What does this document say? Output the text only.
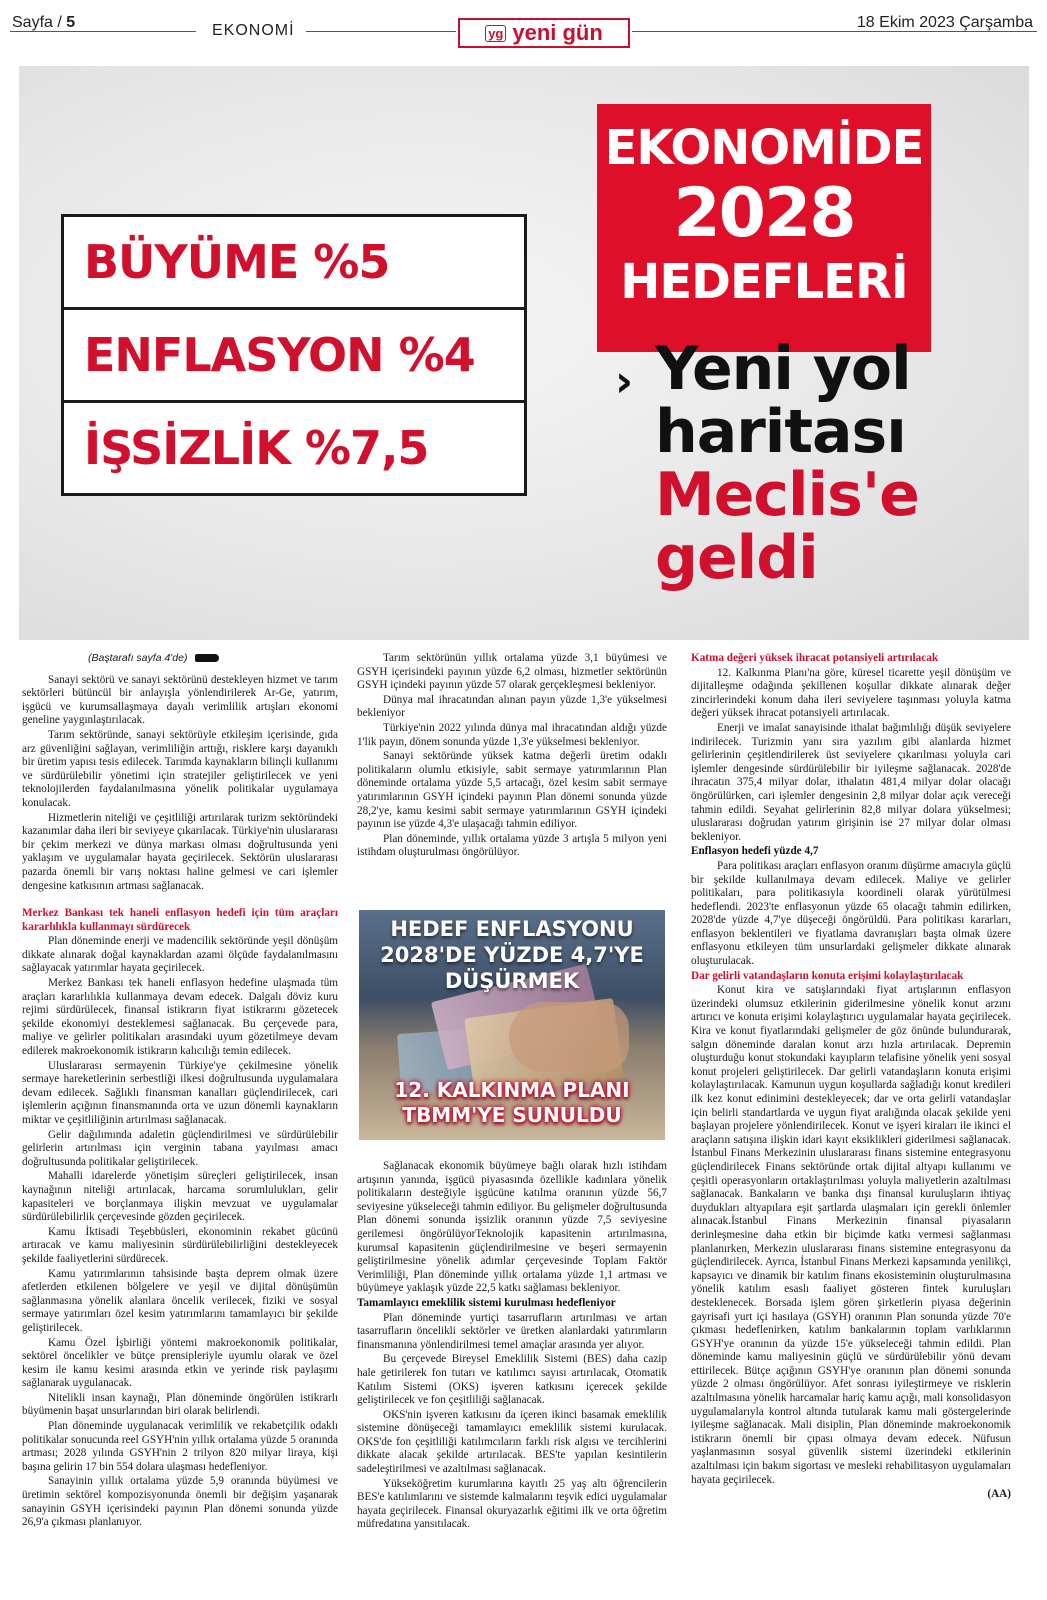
Sayfa / 5	EKONOMİ	yg yeni gün	18 Ekim 2023 Çarşamba
BÜYÜME %5
ENFLASYON %4
İŞSİZLİK %7,5
EKONOMİDE
2028
HEDEFLERİ
› Yeni yol
haritası
Meclis'e
geldi

(Baştarafı sayfa 4'de)

Sanayi sektörü ve sanayi sektörünü destekleyen hizmet ve tarım sektörleri bütüncül bir anlayışla yönlendirilerek Ar-Ge, yatırım, işgücü ve kurumsallaşmaya dayalı verimlilik artışları ekonomi geneline yaygınlaştırılacak.

Tarım sektöründe, sanayi sektörüyle etkileşim içerisinde, gıda arz güvenliğini sağlayan, verimliliğin arttığı, risklere karşı dayanıklı bir üretim yapısı tesis edilecek. Tarımda kaynakların bilinçli kullanımı ve sürdürülebilir yönetimi için stratejiler geliştirilecek ve yeni teknolojilerden faydalanılmasına yönelik politikalar uygulamaya konulacak.

Hizmetlerin niteliği ve çeşitliliği artırılarak turizm sektöründeki kazanımlar daha ileri bir seviyeye çıkarılacak. Türkiye'nin uluslararası bir çekim merkezi ve dünya markası olması doğrultusunda yeni yaklaşım ve uygulamalar hayata geçirilecek. Sektörün uluslararası pazarda önemli bir varış noktası haline gelmesi ve cari işlemler dengesine katkısının artması sağlanacak.

Merkez Bankası tek haneli enflasyon hedefi için tüm araçları kararlılıkla kullanmayı sürdürecek

Plan döneminde enerji ve madencilik sektöründe yeşil dönüşüm dikkate alınarak doğal kaynaklardan azami ölçüde faydalanılmasını sağlayacak yatırımlar hayata geçirilecek.

Merkez Bankası tek haneli enflasyon hedefine ulaşmada tüm araçları kararlılıkla kullanmaya devam edecek. Dalgalı döviz kuru rejimi sürdürülecek, finansal istikrarın fiyat istikrarını gözetecek şekilde ekonomiyi desteklemesi sağlanacak. Bu çerçevede para, maliye ve gelirler politikaları arasındaki uyum gözetilmeye devam edilerek makroekonomik istikrarın kalıcılığı temin edilecek.

Uluslararası sermayenin Türkiye'ye çekilmesine yönelik sermaye hareketlerinin serbestliği ilkesi doğrultusunda uygulamalara devam edilecek. Sağlıklı finansman kanalları güçlendirilecek, cari işlemlerin açığının finansmanında orta ve uzun dönemli kaynakların miktar ve çeşitliliğinin artırılması sağlanacak.

Gelir dağılımında adaletin güçlendirilmesi ve sürdürülebilir gelirlerin artırılması için verginin tabana yayılması amacı doğrultusunda politikalar geliştirilecek.

Mahalli idarelerde yönetişim süreçleri geliştirilecek, insan kaynağının niteliği artırılacak, harcama sorumlulukları, gelir kapasiteleri ve borçlanmaya ilişkin mevzuat ve uygulamalar sürdürülebilirlik çerçevesinde gözden geçirilecek.

Kamu İktisadi Teşebbüsleri, ekonominin rekabet gücünü artıracak ve kamu maliyesinin sürdürülebilirliğini destekleyecek şekilde faaliyetlerini sürdürecek.

Kamu yatırımlarının tahsisinde başta deprem olmak üzere afetlerden etkilenen bölgelere ve yeşil ve dijital dönüşümün sağlanmasına yönelik alanlara öncelik verilecek, fiziki ve sosyal sermaye yatırımları özel kesim yatırımlarını tamamlayıcı bir şekilde geliştirilecek.

Kamu Özel İşbirliği yöntemi makroekonomik politikalar, sektörel öncelikler ve bütçe prensipleriyle uyumlu olarak ve özel kesim ile kamu kesimi arasında etkin ve yerinde risk paylaşımı sağlanarak uygulanacak.

Nitelikli insan kaynağı, Plan döneminde öngörülen istikrarlı büyümenin başat unsurlarından biri olarak belirlendi.

Plan döneminde uygulanacak verimlilik ve rekabetçilik odaklı politikalar sonucunda reel GSYH'nin yıllık ortalama yüzde 5 oranında artması; 2028 yılında GSYH'nin 2 trilyon 820 milyar liraya, kişi başına gelirin 17 bin 554 dolara ulaşması hedefleniyor.

Sanayinin yıllık ortalama yüzde 5,9 oranında büyümesi ve üretimin sektörel kompozisyonunda önemli bir değişim yaşanarak sanayinin GSYH içerisindeki payının Plan dönemi sonunda yüzde 26,9'a çıkması planlanıyor.

Tarım sektörünün yıllık ortalama yüzde 3,1 büyümesi ve GSYH içerisindeki payının yüzde 6,2 olması, hizmetler sektörünün GSYH içindeki payının yüzde 57 olarak gerçekleşmesi bekleniyor.

Dünya mal ihracatından alınan payın yüzde 1,3'e yükselmesi bekleniyor

Türkiye'nin 2022 yılında dünya mal ihracatından aldığı yüzde 1'lik payın, dönem sonunda yüzde 1,3'e yükselmesi bekleniyor.

Sanayi sektöründe yüksek katma değerli üretim odaklı politikaların olumlu etkisiyle, sabit sermaye yatırımlarının Plan döneminde ortalama yüzde 5,5 artacağı, özel kesim sabit sermaye yatırımlarının GSYH içindeki payının Plan dönemi sonunda yüzde 28,2'ye, kamu kesimi sabit sermaye yatırımlarının GSYH içindeki payının ise yüzde 4,3'e ulaşacağı tahmin ediliyor.

Plan döneminde, yıllık ortalama yüzde 3 artışla 5 milyon yeni istihdam oluşturulması öngörülüyor.

HEDEF ENFLASYONU 2028'DE YÜZDE 4,7'YE DÜŞÜRMEK
12. KALKINMA PLANI TBMM'YE SUNULDU

Sağlanacak ekonomik büyümeye bağlı olarak hızlı istihdam artışının yanında, işgücü piyasasında özellikle kadınlara yönelik politikaların desteğiyle işgücüne katılma oranının yüzde 56,7 seviyesine yükseleceği tahmin ediliyor. Bu gelişmeler doğrultusunda Plan dönemi sonunda işsizlik oranının yüzde 7,5 seviyesine gerilemesi öngörülüyorTeknolojik kapasitenin artırılmasına, kurumsal kapasitenin güçlendirilmesine ve beşeri sermayenin geliştirilmesine yönelik adımlar çerçevesinde Toplam Faktör Verimliliği, Plan döneminde yıllık ortalama yüzde 1,1 artması ve büyümeye yaklaşık yüzde 22,5 katkı sağlaması bekleniyor.

Tamamlayıcı emeklilik sistemi kurulması hedefleniyor

Plan döneminde yurtiçi tasarrufların artırılması ve artan tasarrufların öncelikli sektörler ve üretken alanlardaki yatırımların finansmanına yönlendirilmesi temel amaçlar arasında yer alıyor.

Bu çerçevede Bireysel Emeklilik Sistemi (BES) daha cazip hale getirilerek fon tutarı ve katılımcı sayısı artırılacak, Otomatik Katılım Sistemi (OKS) işveren katkısını içerecek şekilde geliştirilecek ve fon çeşitliliği sağlanacak.

OKS'nin işveren katkısını da içeren ikinci basamak emeklilik sistemine dönüşeceği tamamlayıcı emeklilik sistemi kurulacak. OKS'de fon çeşitliliği katılımcıların farklı risk algısı ve tercihlerini dikkate alacak şekilde artırılacak. BES'te yapılan kesintilerin sadeleştirilmesi ve azaltılması sağlanacak.

Yükseköğretim kurumlarına kayıtlı 25 yaş altı öğrencilerin BES'e katılımlarını ve sistemde kalmalarını teşvik edici uygulamalar hayata geçirilecek. Finansal okuryazarlık eğitimi ilk ve orta öğretim müfredatına yansıtılacak.

Katma değeri yüksek ihracat potansiyeli artırılacak

12. Kalkınma Planı'na göre, küresel ticarette yeşil dönüşüm ve dijitalleşme odağında şekillenen koşullar dikkate alınarak değer zincirlerindeki konum daha ileri seviyelere taşınması yoluyla katma değeri yüksek ihracat potansiyeli artırılacak.

Enerji ve imalat sanayisinde ithalat bağımlılığı düşük seviyelere indirilecek. Turizmin yanı sıra yazılım gibi alanlarda hizmet gelirlerinin çeşitlendirilerek üst seviyelere çıkarılması yoluyla cari işlemler dengesinde sürdürülebilir bir iyileşme sağlanacak. 2028'de ihracatın 375,4 milyar dolar, ithalatın 481,4 milyar dolar olacağı öngörülürken, cari işlemler dengesinin 2,8 milyar dolar açık vereceği tahmin edildi. Seyahat gelirlerinin 82,8 milyar dolara yükselmesi; uluslararası doğrudan yatırım girişinin ise 27 milyar dolar olması bekleniyor.

Enflasyon hedefi yüzde 4,7

Para politikası araçları enflasyon oranını düşürme amacıyla güçlü bir şekilde kullanılmaya devam edilecek. Maliye ve gelirler politikaları, para politikasıyla koordineli olarak yürütülmesi hedeflendi. 2023'te enflasyonun yüzde 65 olacağı tahmin edilirken, 2028'de yüzde 4,7'ye düşeceği öngörüldü. Para politikası kararları, enflasyon beklentileri ve fiyatlama davranışları başta olmak üzere enflasyonu etkileyen tüm unsurlardaki gelişmeler dikkate alınarak oluşturulacak.

Dar gelirli vatandaşların konuta erişimi kolaylaştırılacak

Konut kira ve satışlarındaki fiyat artışlarının enflasyon üzerindeki olumsuz etkilerinin giderilmesine yönelik konut arzını artırıcı ve konuta erişimi kolaylaştırıcı uygulamalar hayata geçirilecek. Kira ve konut fiyatlarındaki gelişmeler de göz önünde bulundurarak, salgın döneminde daralan konut arzı hızla artırılacak. Depremin oluşturduğu konut stokundaki kayıpların telafisine yönelik yeni sosyal konut projeleri geliştirilecek. Dar gelirli vatandaşların konuta erişimi kolaylaştırılacak. Kamunun uygun koşullarda sağladığı konut kredileri ilk kez konut edinimini destekleyecek; dar ve orta gelirli vatandaşlar için belirli standartlarda ve uygun fiyat aralığında olacak şekilde yeni başlayan projelere yönlendirilecek. Konut ve işyeri kiraları ile ikinci el araçların satışına ilişkin idari kayıt eksiklikleri giderilmesi sağlanacak. İstanbul Finans Merkezinin uluslararası finans sistemine entegrasyonu güçlendirilecek Finans sektöründe ortak dijital altyapı kullanımı ve çeşitli operasyonların ortaklaştırılması yoluyla maliyetlerin azaltılması sağlanacak. Bankaların ve banka dışı finansal kuruluşların ihtiyaç duydukları altyapılara eşit şartlarda ulaşmaları için gerekli önlemler alınacak.İstanbul Finans Merkezinin finansal piyasaların derinleşmesine daha etkin bir biçimde katkı vermesi sağlanması planlanırken, Merkezin uluslararası finans sistemine entegrasyonu da güçlendirilecek. Ayrıca, İstanbul Finans Merkezi kapsamında yenilikçi, kapsayıcı ve dinamik bir katılım finans ekosisteminin oluşturulmasına yönelik katılım esaslı faaliyet gösteren fintek kuruluşları desteklenecek. Borsada işlem gören şirketlerin piyasa değerinin gayrisafi yurt içi hasılaya (GSYH) oranının Plan sonunda yüzde 70'e çıkması hedeflenirken, katılım bankalarının toplam varlıklarının GSYH'ye oranının da yüzde 15'e yükseleceği tahmin edildi. Plan döneminde kamu maliyesinin güçlü ve sürdürülebilir yönü devam ettirilecek. Bütçe açığının GSYH'ye oranının plan dönemi sonunda yüzde 2 olması öngörülüyor. Afet sonrası iyileştirmeye ve risklerin azaltılmasına yönelik harcamalar hariç kamu açığı, mali konsolidasyon uygulamalarıyla kontrol altında tutularak kamu mali göstergelerinde iyileşme sağlanacak. Mali disiplin, Plan döneminde makroekonomik istikrarın önemli bir çıpası olmaya devam edecek. Nüfusun yaşlanmasının sosyal güvenlik sistemi üzerindeki etkilerinin azaltılması için bakım sigortası ve mesleki rehabilitasyon uygulamaları hayata geçirilecek.

(AA)
